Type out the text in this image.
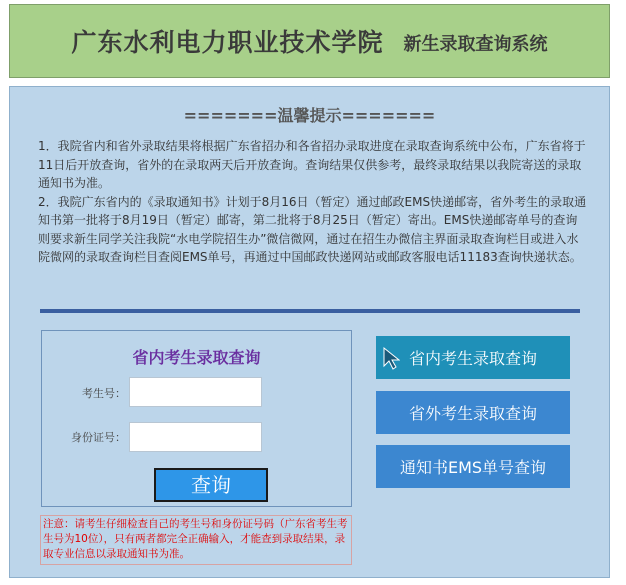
广东水利电力职业技术学院 新生录取查询系统
=======温馨提示=======

1．我院省内和省外录取结果将根据广东省招办和各省招办录取进度在录取查询系统中公布，广东省将于11日后开放查询，省外的在录取两天后开放查询。查询结果仅供参考，最终录取结果以我院寄送的录取通知书为准。

2．我院广东省内的《录取通知书》计划于8月16日（暂定）通过邮政EMS快递邮寄，省外考生的录取通知书第一批将于8月19日（暂定）邮寄，第二批将于8月25日（暂定）寄出。EMS快递邮寄单号的查询则要求新生同学关注我院“水电学院招生办”微信微网，通过在招生办微信主界面录取查询栏目或进入水院微网的录取查询栏目查阅EMS单号，再通过中国邮政快递网站或邮政客服电话11183查询快递状态。

省内考生录取查询
考生号：
身份证号：
查询
注意：请考生仔细检查自己的考生号和身份证号码（广东省考生考生号为10位），只有两者都完全正确输入，才能查到录取结果，录取专业信息以录取通知书为准。
省内考生录取查询
省外考生录取查询
通知书EMS单号查询
